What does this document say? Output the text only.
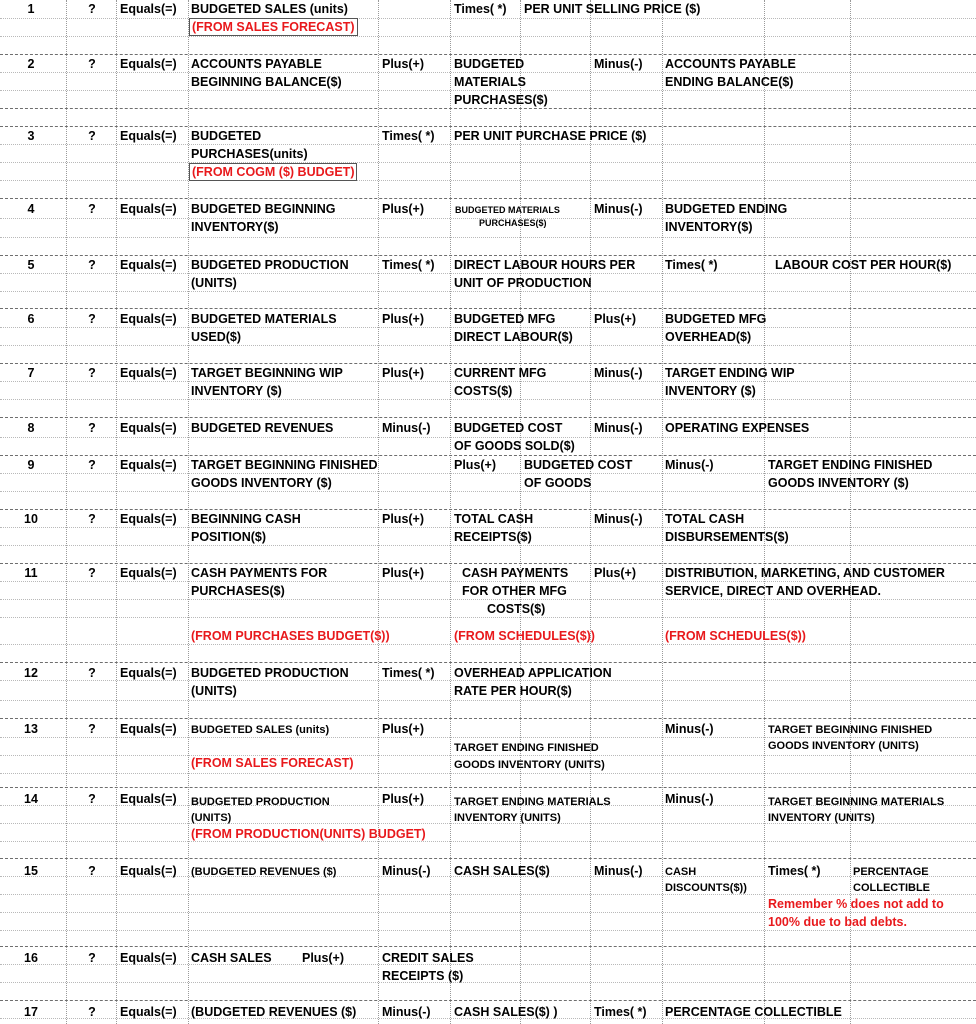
1	?	Equals(=) BUDGETED SALES (units)
(FROM SALES FORECAST)
Times( *) PER UNIT SELLING PRICE ($)
2	?	Equals(=) ACCOUNTS PAYABLE
BEGINNING BALANCE($)
Plus(+) BUDGETED
MATERIALS
PURCHASES($)
Minus(-) ACCOUNTS PAYABLE
ENDING BALANCE($)
3	?	Equals(=) BUDGETED
PURCHASES(units)
(FROM COGM ($) BUDGET)
Times( *) PER UNIT PURCHASE PRICE ($)
4	?	Equals(=) BUDGETED BEGINNING
INVENTORY($)
Plus(+)	BUDGETED MATERIALS
PURCHASES($)
Minus(-) BUDGETED ENDING
INVENTORY($)
5	?	Equals(=) BUDGETED PRODUCTION
(UNITS)
Times( *) DIRECT LABOUR HOURS PER
UNIT OF PRODUCTION
Times( *)	LABOUR COST PER HOUR($)
6	?	Equals(=) BUDGETED MATERIALS
USED($)
Plus(+) BUDGETED MFG
DIRECT LABOUR($)
Plus(+) BUDGETED MFG
OVERHEAD($)
7	?	Equals(=) TARGET BEGINNING WIP
INVENTORY ($)
Plus(+) CURRENT MFG
COSTS($)
Minus(-) TARGET ENDING WIP
INVENTORY ($)
8	?	Equals(=) BUDGETED REVENUES	Minus(-) BUDGETED COST
OF GOODS SOLD($)
Minus(-) OPERATING EXPENSES
9	?	Equals(=) TARGET BEGINNING FINISHED
GOODS INVENTORY ($)
Plus(+) BUDGETED COST
OF GOODS
Minus(-)	TARGET ENDING FINISHED
GOODS INVENTORY ($)
10	?	Equals(=) BEGINNING CASH
POSITION($)
Plus(+) TOTAL CASH
RECEIPTS($)
Minus(-) TOTAL CASH
DISBURSEMENTS($)
11	?	Equals(=) CASH PAYMENTS FOR
PURCHASES($)
Plus(+)	CASH PAYMENTS
FOR OTHER MFG
COSTS($)
Plus(+) DISTRIBUTION, MARKETING, AND CUSTOMER
SERVICE, DIRECT AND OVERHEAD.
(FROM PURCHASES BUDGET($))	(FROM SCHEDULES($))	(FROM SCHEDULES($))
12	?	Equals(=) BUDGETED PRODUCTION
(UNITS)
Times( *) OVERHEAD APPLICATION
RATE PER HOUR($)
13	?	Equals(=) BUDGETED SALES (units)
(FROM SALES FORECAST)
Plus(+)
TARGET ENDING FINISHED
GOODS INVENTORY (UNITS)
Minus(-)	TARGET BEGINNING FINISHED
GOODS INVENTORY (UNITS)
14	?	Equals(=) BUDGETED PRODUCTION
(UNITS)
(FROM PRODUCTION(UNITS) BUDGET)
Plus(+)	TARGET ENDING MATERIALS
INVENTORY (UNITS)
Minus(-)	TARGET BEGINNING MATERIALS
INVENTORY (UNITS)
15	?	Equals(=) (BUDGETED REVENUES ($)	Minus(-) CASH SALES($)	Minus(-) CASH
DISCOUNTS($))
Times( *)	PERCENTAGE
COLLECTIBLE
Remember % does not add to
100% due to bad debts.
16	?	Equals(=) CASH SALES Plus(+)	CREDIT SALES
RECEIPTS ($)
17	?	Equals(=) (BUDGETED REVENUES ($) Minus(-) CASH SALES($) )	Times( *) PERCENTAGE COLLECTIBLE
